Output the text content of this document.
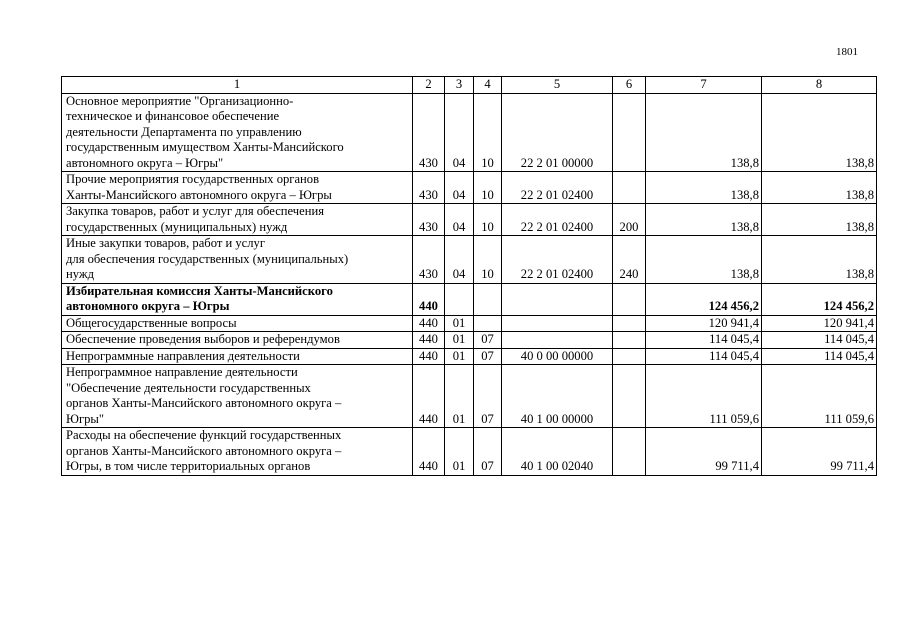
1801
1	2	3	4	5	6	7	8
Основное мероприятие "Организационно-
техническое и финансовое обеспечение
деятельности Департамента по управлению
государственным имуществом Ханты-Мансийского
автономного округа – Югры"	430	04	10	22 2 01 00000		138,8	138,8
Прочие мероприятия государственных органов
Ханты-Мансийского автономного округа – Югры	430	04	10	22 2 01 02400		138,8	138,8
Закупка товаров, работ и услуг для обеспечения
государственных (муниципальных) нужд	430	04	10	22 2 01 02400	200	138,8	138,8
Иные закупки товаров, работ и услуг
для обеспечения государственных (муниципальных)
нужд	430	04	10	22 2 01 02400	240	138,8	138,8
Избирательная комиссия Ханты-Мансийского
автономного округа – Югры	440					124 456,2	124 456,2
Общегосударственные вопросы	440	01				120 941,4	120 941,4
Обеспечение проведения выборов и референдумов	440	01	07			114 045,4	114 045,4
Непрограммные направления деятельности	440	01	07	40 0 00 00000		114 045,4	114 045,4
Непрограммное направление деятельности
"Обеспечение деятельности государственных
органов Ханты-Мансийского автономного округа –
Югры"	440	01	07	40 1 00 00000		111 059,6	111 059,6
Расходы на обеспечение функций государственных
органов Ханты-Мансийского автономного округа –
Югры, в том числе территориальных органов	440	01	07	40 1 00 02040		99 711,4	99 711,4
